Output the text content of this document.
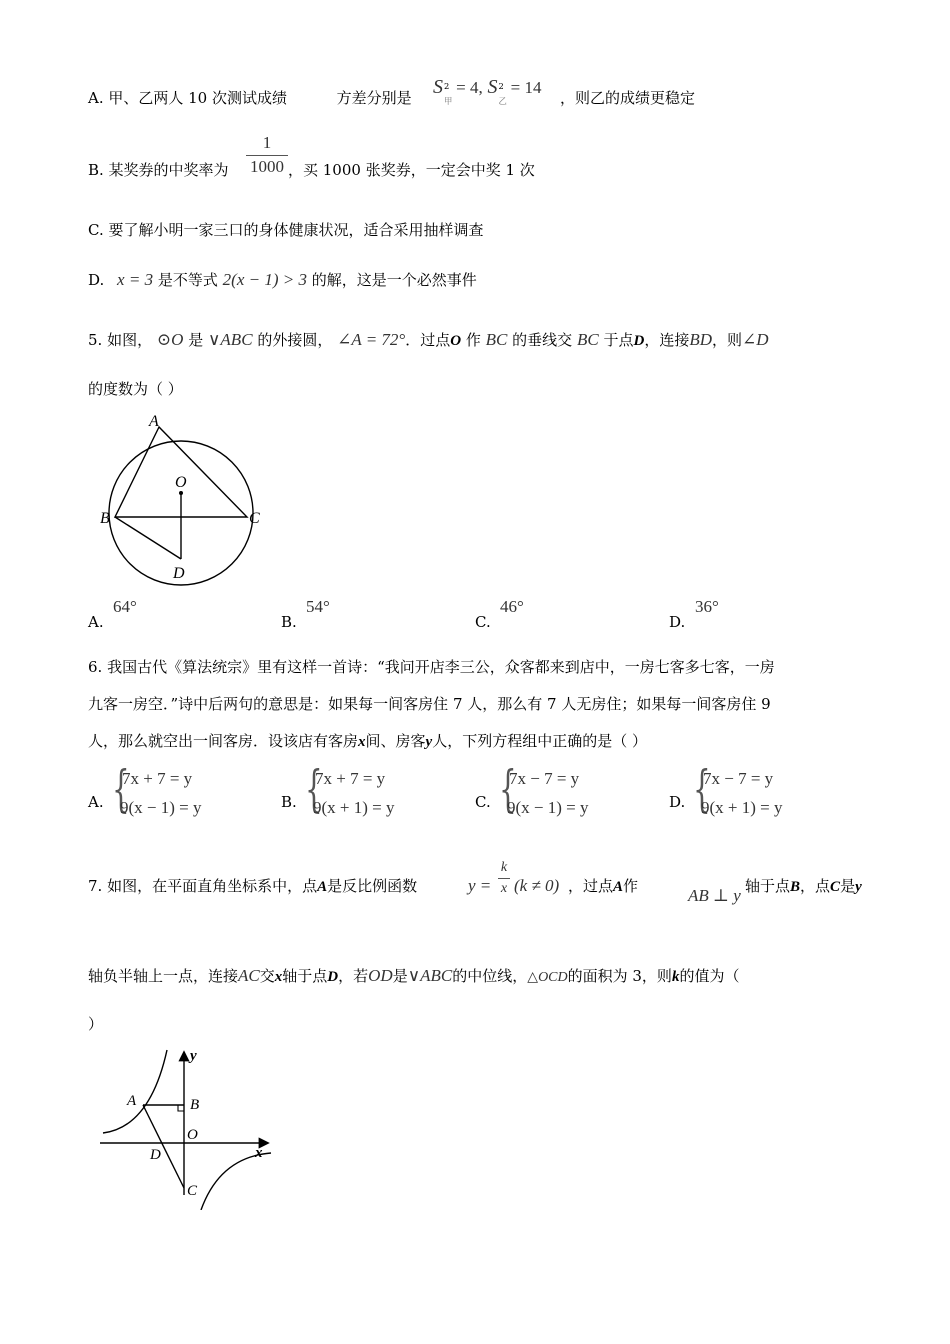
A. 甲、乙两人 10 次测试成绩	方差分别是 S 2
$_甲$ = 4, S 2
$_乙$ = 14
，则乙的成绩更稳定
B. 某奖券的中奖率为
1
1000 ，买 1000 张奖券，一定会中奖 1 次
C. 要了解小明一家三口的身体健康状况，适合采用抽样调查
D. x = 3 是不等式 2(x − 1) > 3 的解，这是一个必然事件
5. 如图， ⊙O 是 ∨ABC 的外接圆， ∠A = 72°．过点O 作 BC 的垂线交 BC 于点D，连接BD，则∠D
的度数为（ ）
A
O
B	C
D
A.
64°
B.
54°
C.
46°
D.
36°
6. 我国古代《算法统宗》里有这样一首诗：“我问开店李三公，众客都来到店中，一房七客多七客，一房
九客一房空．”诗中后两句的意思是：如果每一间客房住 7 人，那么有 7 人无房住；如果每一间客房住 9
人，那么就空出一间客房．设该店有客房x间、房客y人，下列方程组中正确的是（ ）
A. {
7x + 7 = y
9(x − 1) = y	B. {
7x + 7 = y
9(x + 1) = y	C. {
7x − 7 = y
9(x − 1) = y	D. {
7x − 7 = y
9(x + 1) = y
7. 如图，在平面直角坐标系中，点A是反比例函数	y =
k
x (k ≠ 0) ，过点A作	AB ⊥ y 轴于点B，点C是y
轴负半轴上一点，连接AC交x轴于点D，若OD是∨ABC的中位线，△OCD的面积为 3，则k的值为（
）
y
A	B
O
x
D
C
